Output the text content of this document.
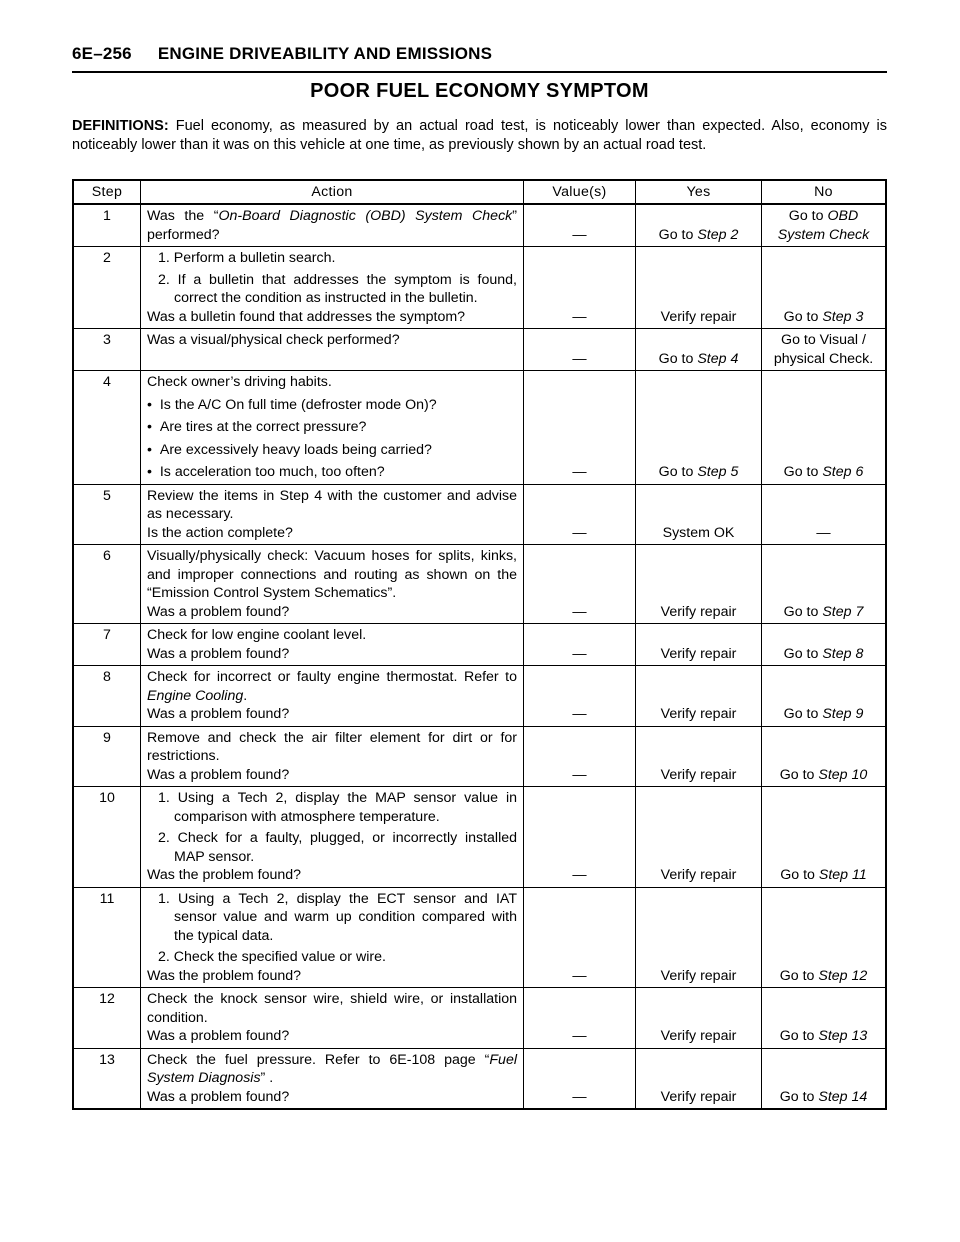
6E–256 ENGINE DRIVEABILITY AND EMISSIONS
POOR FUEL ECONOMY SYMPTOM
DEFINITIONS: Fuel economy, as measured by an actual road test, is noticeably lower than expected. Also, economy is noticeably lower than it was on this vehicle at one time, as previously shown by an actual road test.
Step	Action	Value(s)	Yes	No
1	Was the “On-Board Diagnostic (OBD) System Check” performed?	—	Go to Step 2	Go to OBD System Check
2	1. Perform a bulletin search.
2. If a bulletin that addresses the symptom is found, correct the condition as instructed in the bulletin.
Was a bulletin found that addresses the symptom?	—	Verify repair	Go to Step 3
3	Was a visual/physical check performed?	—	Go to Step 4	Go to Visual / physical Check.
4	Check owner’s driving habits.
•  Is the A/C On full time (defroster mode On)?
•  Are tires at the correct pressure?
•  Are excessively heavy loads being carried?
•  Is acceleration too much, too often?	—	Go to Step 5	Go to Step 6
5	Review the items in Step 4 with the customer and advise as necessary.
Is the action complete?	—	System OK	—
6	Visually/physically check: Vacuum hoses for splits, kinks, and improper connections and routing as shown on the “Emission Control System Schematics”.
Was a problem found?	—	Verify repair	Go to Step 7
7	Check for low engine coolant level.
Was a problem found?	—	Verify repair	Go to Step 8
8	Check for incorrect or faulty engine thermostat. Refer to Engine Cooling.
Was a problem found?	—	Verify repair	Go to Step 9
9	Remove and check the air filter element for dirt or for restrictions.
Was a problem found?	—	Verify repair	Go to Step 10
10	1. Using a Tech 2, display the MAP sensor value in comparison with atmosphere temperature.
2. Check for a faulty, plugged, or incorrectly installed MAP sensor.
Was the problem found?	—	Verify repair	Go to Step 11
11	1. Using a Tech 2, display the ECT sensor and IAT sensor value and warm up condition compared with the typical data.
2. Check the specified value or wire.
Was the problem found?	—	Verify repair	Go to Step 12
12	Check the knock sensor wire, shield wire, or installation condition.
Was a problem found?	—	Verify repair	Go to Step 13
13	Check the fuel pressure. Refer to 6E-108 page “Fuel System Diagnosis” .
Was a problem found?	—	Verify repair	Go to Step 14
